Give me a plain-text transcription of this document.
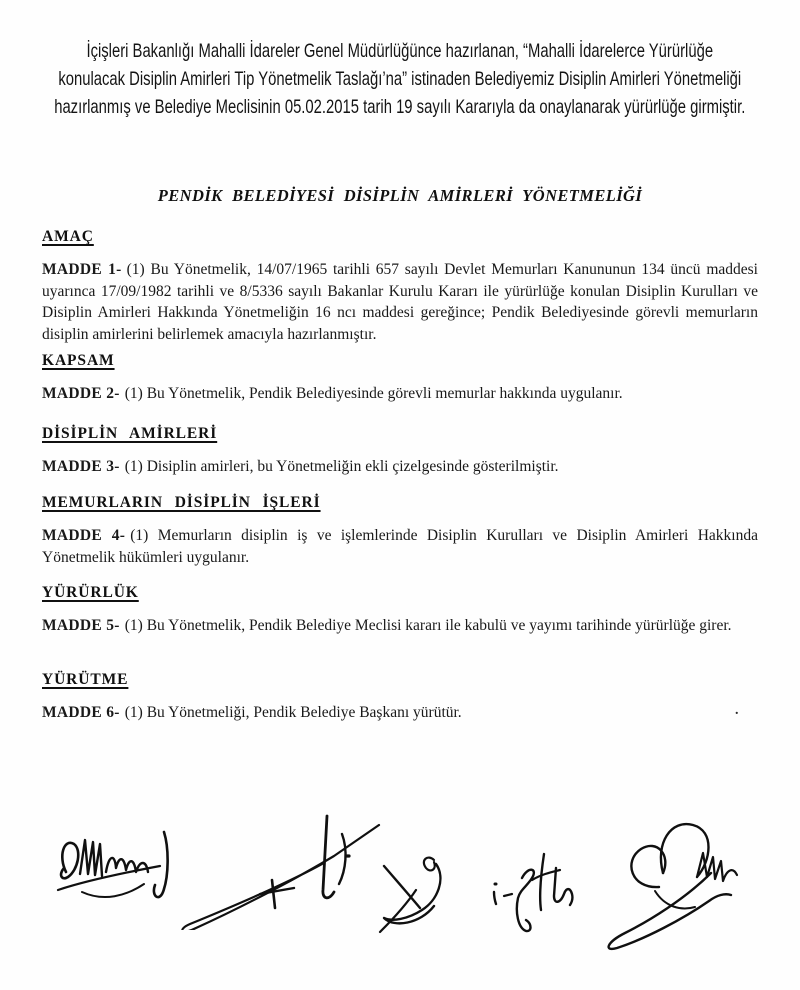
İçişleri Bakanlığı Mahalli İdareler Genel Müdürlüğünce hazırlanan, “Mahalli İdarelerce Yürürlüğe
konulacak Disiplin Amirleri Tip Yönetmelik Taslağı’na” istinaden Belediyemiz Disiplin Amirleri Yönetmeliği
hazırlanmış ve Belediye Meclisinin 05.02.2015 tarih 19 sayılı Kararıyla da onaylanarak yürürlüğe girmiştir.
PENDİK BELEDİYESİ DİSİPLİN AMİRLERİ YÖNETMELİĞİ
AMAÇ

MADDE 1- (1) Bu Yönetmelik, 14/07/1965 tarihli 657 sayılı Devlet Memurları Kanununun 134 üncü maddesi uyarınca 17/09/1982 tarihli ve 8/5336 sayılı Bakanlar Kurulu Kararı ile yürürlüğe konulan Disiplin Kurulları ve Disiplin Amirleri Hakkında Yönetmeliğin 16 ncı maddesi gereğince; Pendik Belediyesinde görevli memurların disiplin amirlerini belirlemek amacıyla hazırlanmıştır.

KAPSAM

MADDE 2- (1) Bu Yönetmelik, Pendik Belediyesinde görevli memurlar hakkında uygulanır.

DİSİPLİN AMİRLERİ

MADDE 3- (1) Disiplin amirleri, bu Yönetmeliğin ekli çizelgesinde gösterilmiştir.

MEMURLARIN DİSİPLİN İŞLERİ

MADDE 4- (1) Memurların disiplin iş ve işlemlerinde Disiplin Kurulları ve Disiplin Amirleri Hakkında Yönetmelik hükümleri uygulanır.

YÜRÜRLÜK

MADDE 5- (1) Bu Yönetmelik, Pendik Belediye Meclisi kararı ile kabulü ve yayımı tarihinde yürürlüğe girer.

YÜRÜTME

MADDE 6- (1) Bu Yönetmeliği, Pendik Belediye Başkanı yürütür.	.
